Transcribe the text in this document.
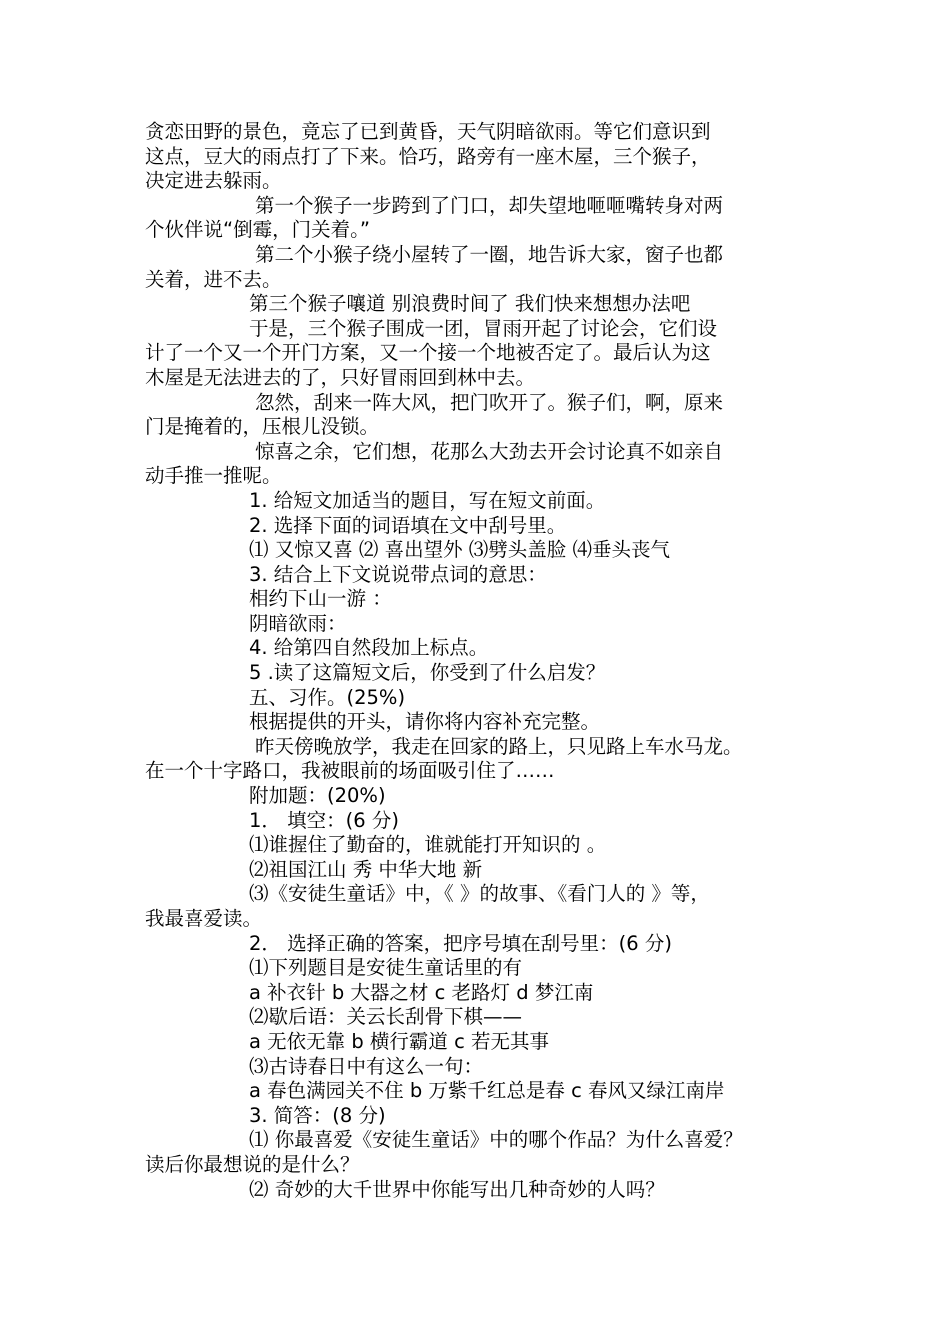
贪恋田野的景色，竟忘了已到黄昏，天气阴暗欲雨。等它们意识到
这点，豆大的雨点打了下来。恰巧，路旁有一座木屋，三个猴子，
决定进去躲雨。
第一个猴子一步跨到了门口，却失望地咂咂嘴转身对两
个伙伴说“倒霉，门关着。”
第二个小猴子绕小屋转了一圈，地告诉大家，窗子也都
关着，进不去。
第三个猴子嚷道 别浪费时间了 我们快来想想办法吧
于是，三个猴子围成一团，冒雨开起了讨论会，它们设
计了一个又一个开门方案，又一个接一个地被否定了。最后认为这
木屋是无法进去的了，只好冒雨回到林中去。
忽然，刮来一阵大风，把门吹开了。猴子们，啊，原来
门是掩着的，压根儿没锁。
惊喜之余，它们想，花那么大劲去开会讨论真不如亲自
动手推一推呢。
1. 给短文加适当的题目，写在短文前面。
2. 选择下面的词语填在文中刮号里。
⑴ 又惊又喜 ⑵ 喜出望外 ⑶劈头盖脸 ⑷垂头丧气
3. 结合上下文说说带点词的意思：
相约下山一游 ：
阴暗欲雨：
4. 给第四自然段加上标点。
5 .读了这篇短文后，你受到了什么启发？
五、习作。(25%)
根据提供的开头，请你将内容补充完整。
昨天傍晚放学，我走在回家的路上，只见路上车水马龙。
在一个十字路口，我被眼前的场面吸引住了……
附加题：(20%)
1． 填空：(6 分)
⑴谁握住了勤奋的，谁就能打开知识的 。
⑵祖国江山 秀 中华大地 新
⑶《安徒生童话》中，《 》的故事、《看门人的 》等，
我最喜爱读。
2． 选择正确的答案，把序号填在刮号里：(6 分)
⑴下列题目是安徒生童话里的有
a 补衣针 b 大器之材 c 老路灯 d 梦江南
⑵歇后语：关云长刮骨下棋——
a 无依无靠 b 横行霸道 c 若无其事
⑶古诗春日中有这么一句：
a 春色满园关不住 b 万紫千红总是春 c 春风又绿江南岸
3. 简答：(8 分)
⑴ 你最喜爱《安徒生童话》中的哪个作品？为什么喜爱？
读后你最想说的是什么？
⑵ 奇妙的大千世界中你能写出几种奇妙的人吗？
